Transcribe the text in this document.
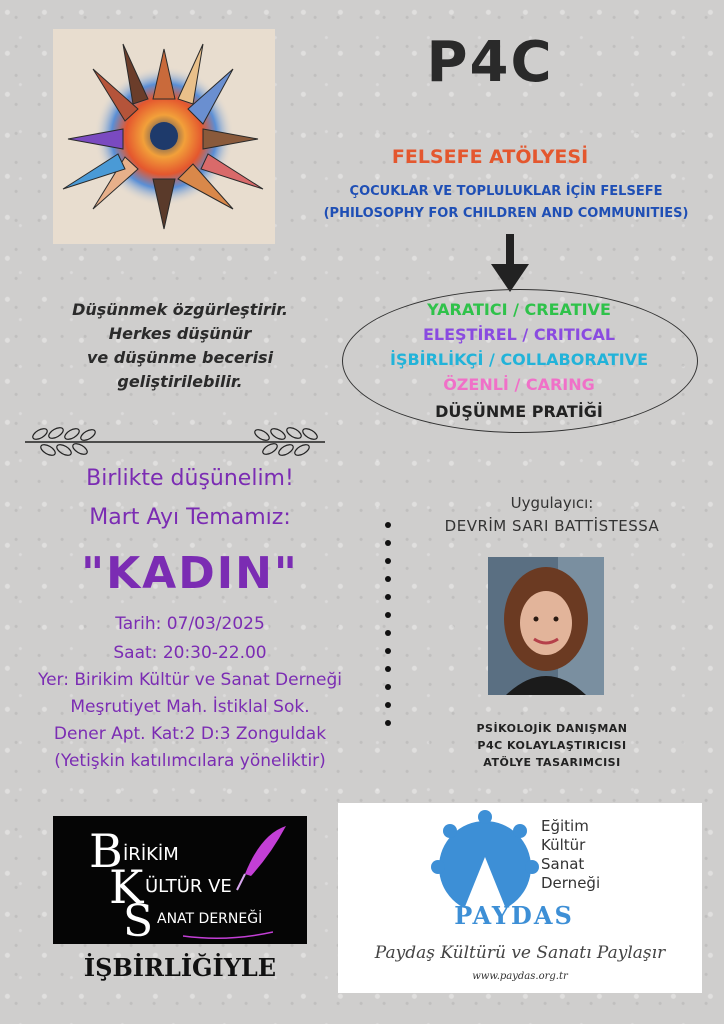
P4C
FELSEFE ATÖLYESİ
ÇOCUKLAR VE TOPLULUKLAR İÇİN FELSEFE
(PHILOSOPHY FOR CHILDREN AND COMMUNITIES)
YARATICI / CREATIVE
ELEŞTİREL / CRITICAL
İŞBİRLİKÇİ / COLLABORATIVE
ÖZENLİ / CARING
DÜŞÜNME PRATİĞİ
Düşünmek özgürleştirir.
Herkes düşünür
ve düşünme becerisi
geliştirilebilir.
Birlikte düşünelim!
Mart Ayı Temamız:
"KADIN"
Tarih: 07/03/2025
Saat: 20:30-22.00
Yer: Birikim Kültür ve Sanat Derneği
Meşrutiyet Mah. İstiklal Sok.
Dener Apt. Kat:2 D:3 Zonguldak
(Yetişkin katılımcılara yöneliktir)
Uygulayıcı:
DEVRİM SARI BATTİSTESSA
PSİKOLOJİK DANIŞMAN
P4C KOLAYLAŞTIRICISI
ATÖLYE TASARIMCISI
B
K
S
İRİKİM
ÜLTÜR VE
ANAT DERNEĞİ
İŞBİRLİĞİYLE
Eğitim
Kültür
Sanat
Derneği
PAYDAS
Paydaş Kültürü ve Sanatı Paylaşır
www.paydas.org.tr
